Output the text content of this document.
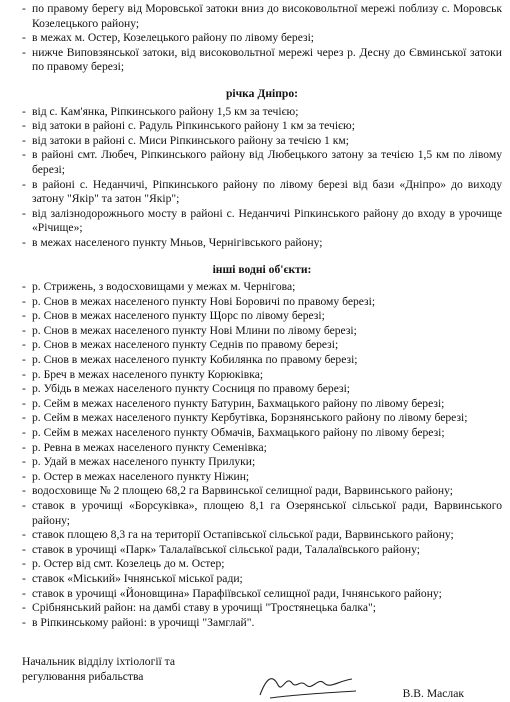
- по правому берегу від Моровської затоки вниз до високовольтної мережі поблизу с. Моровськ Козелецького району;
- в межах м. Остер, Козелецького району по лівому березі;
- нижче Виповзянської затоки, від високовольтної мережі через р. Десну до Євминської затоки по правому березі;
річка Дніпро:
- від с. Кам'янка, Ріпкинського району 1,5 км за течією;
- від затоки в районі с. Радуль Ріпкинського району 1 км за течією;
- від затоки в районі с. Миси Ріпкинського району за течією 1 км;
- в районі смт. Любеч, Ріпкинського району від Любецького затону за течією 1,5 км по лівому березі;
- в районі с. Неданчичі, Ріпкинського району по лівому березі від бази «Дніпро» до виходу затону "Якір" та затон "Якір";
- від залізнодорожнього мосту в районі с. Неданчичі Ріпкинського району до входу в урочище «Річище»;
- в межах населеного пункту Мньов, Чернігівського району;
інші водні об'єкти:
- р. Стрижень, з водосховищами у межах м. Чернігова;
- р. Снов в межах населеного пункту Нові Боровичі по правому березі;
- р. Снов в межах населеного пункту Щорс по лівому березі;
- р. Снов в межах населеного пункту Нові Млини по лівому березі;
- р. Снов в межах населеного пункту Седнів по правому березі;
- р. Снов в межах населеного пункту Кобилянка по правому березі;
- р. Бреч в межах населеного пункту Корюківка;
- р. Убідь в межах населеного пункту Сосниця по правому березі;
- р. Сейм в межах населеного пункту Батурин, Бахмацького району по лівому березі;
- р. Сейм в межах населеного пункту Кербутівка, Борзнянського району по лівому березі;
- р. Сейм в межах населеного пункту Обмачів, Бахмацького району по лівому березі;
- р. Ревна в межах населеного пункту Семенівка;
- р. Удай в межах населеного пункту Прилуки;
- р. Остер в межах населеного пункту Ніжин;
- водосховище № 2 площею 68,2 га Варвинської селищної ради, Варвинського району;
- ставок в урочищі «Борсуківка», площею 8,1 га Озерянської сільської ради, Варвинського району;
- ставок площею 8,3 га на території Остапівської сільської ради, Варвинського району;
- ставок в урочищі «Парк» Талалаївської сільської ради, Талалаївського району;
- р. Остер від смт. Козелець до м. Остер;
- ставок «Міський» Ічнянської міської ради;
- ставок в урочищі «Йоновщина» Парафіївської селищної ради, Ічнянського району;
- Срібнянський район: на дамбі ставу в урочищі "Тростянецька балка";
- в Ріпкинському районі: в урочищі "Замглай".
Начальник відділу іхтіології та
регулювання рибальства
В.В. Маслак
